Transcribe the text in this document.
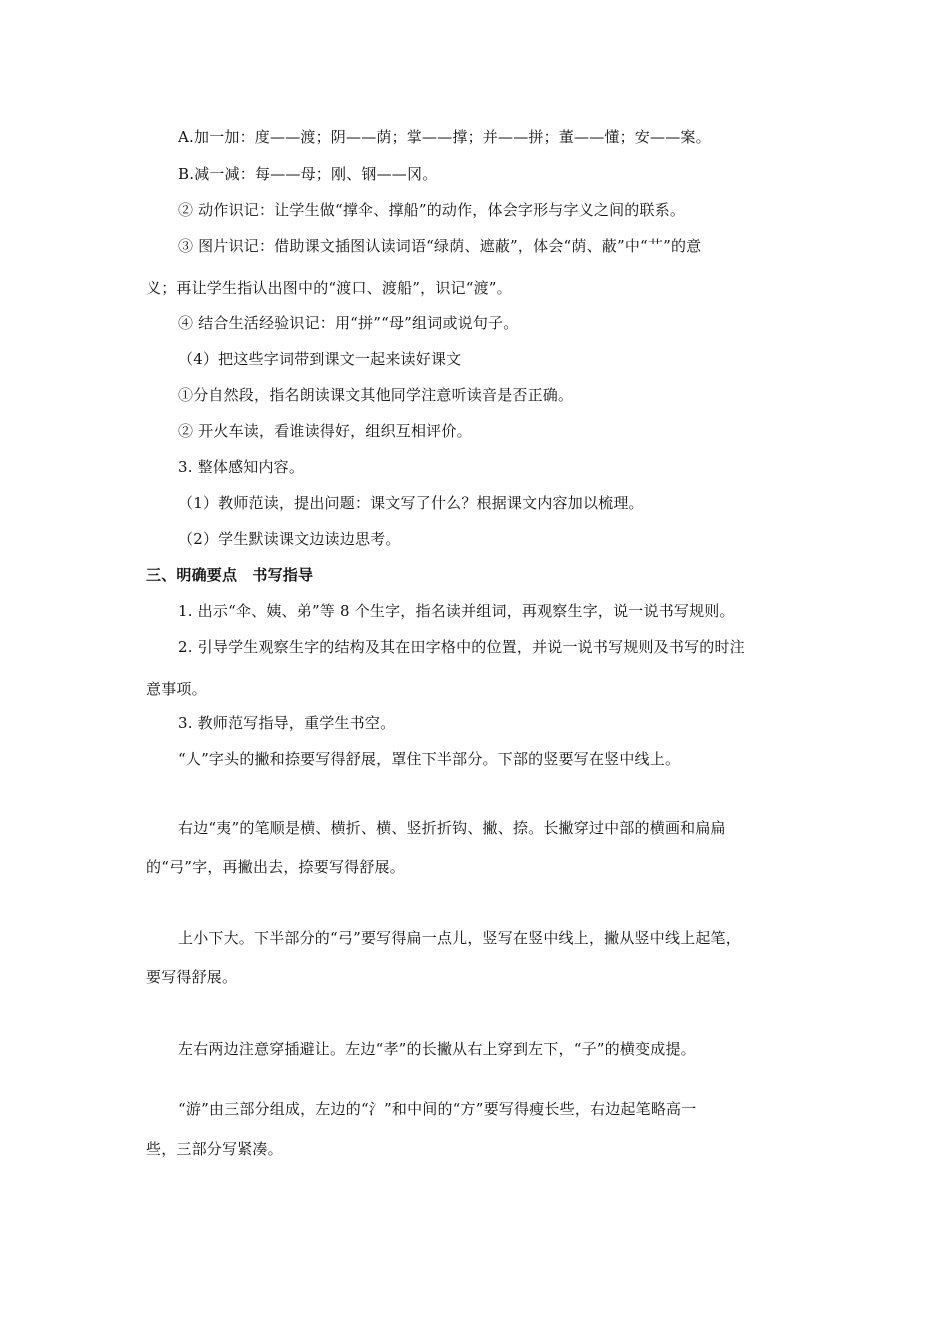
A.加一加：度——渡；阴——荫；掌——撑；并——拼；董——懂；安——案。
B.减一减：每——母；刚、钢——冈。
② 动作识记：让学生做“撑伞、撑船”的动作，体会字形与字义之间的联系。
③ 图片识记：借助课文插图认读词语“绿荫、遮蔽”，体会“荫、蔽”中“艹”的意
义；再让学生指认出图中的“渡口、渡船”，识记“渡”。
④ 结合生活经验识记：用“拼”“母”组词或说句子。
（4）把这些字词带到课文一起来读好课文
①分自然段，指名朗读课文其他同学注意听读音是否正确。
② 开火车读，看谁读得好，组织互相评价。
3. 整体感知内容。
（1）教师范读，提出问题：课文写了什么？根据课文内容加以梳理。
（2）学生默读课文边读边思考。
三、明确要点　书写指导
1. 出示“伞、姨、弟”等 8 个生字，指名读并组词，再观察生字，说一说书写规则。
2. 引导学生观察生字的结构及其在田字格中的位置，并说一说书写规则及书写的时注
意事项。
3. 教师范写指导，重学生书空。
“人”字头的撇和捺要写得舒展，罩住下半部分。下部的竖要写在竖中线上。
右边“夷”的笔顺是横、横折、横、竖折折钩、撇、捺。长撇穿过中部的横画和扁扁
的“弓”字，再撇出去，捺要写得舒展。
上小下大。下半部分的“弓”要写得扁一点儿，竖写在竖中线上，撇从竖中线上起笔，
要写得舒展。
左右两边注意穿插避让。左边“孝”的长撇从右上穿到左下，“子”的横变成提。
“游”由三部分组成，左边的“氵”和中间的“方”要写得瘦长些，右边起笔略高一
些，三部分写紧凑。
